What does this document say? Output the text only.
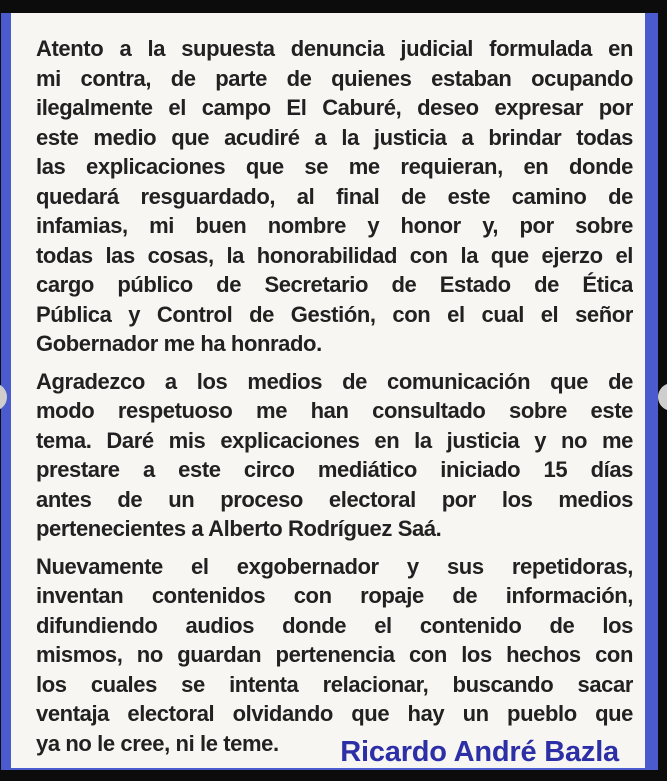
Atento a la supuesta denuncia judicial formulada en
mi contra, de parte de quienes estaban ocupando
ilegalmente el campo El Caburé, deseo expresar por
este medio que acudiré a la justicia a brindar todas
las explicaciones que se me requieran, en donde
quedará resguardado, al final de este camino de
infamias, mi buen nombre y honor y, por sobre
todas las cosas, la honorabilidad con la que ejerzo el
cargo público de Secretario de Estado de Ética
Pública y Control de Gestión, con el cual el señor
Gobernador me ha honrado.
Agradezco a los medios de comunicación que de
modo respetuoso me han consultado sobre este
tema. Daré mis explicaciones en la justicia y no me
prestare a este circo mediático iniciado 15 días
antes de un proceso electoral por los medios
pertenecientes a Alberto Rodríguez Saá.
Nuevamente el exgobernador y sus repetidoras,
inventan contenidos con ropaje de información,
difundiendo audios donde el contenido de los
mismos, no guardan pertenencia con los hechos con
los cuales se intenta relacionar, buscando sacar
ventaja electoral olvidando que hay un pueblo que
ya no le cree, ni le teme.	Ricardo André Bazla
